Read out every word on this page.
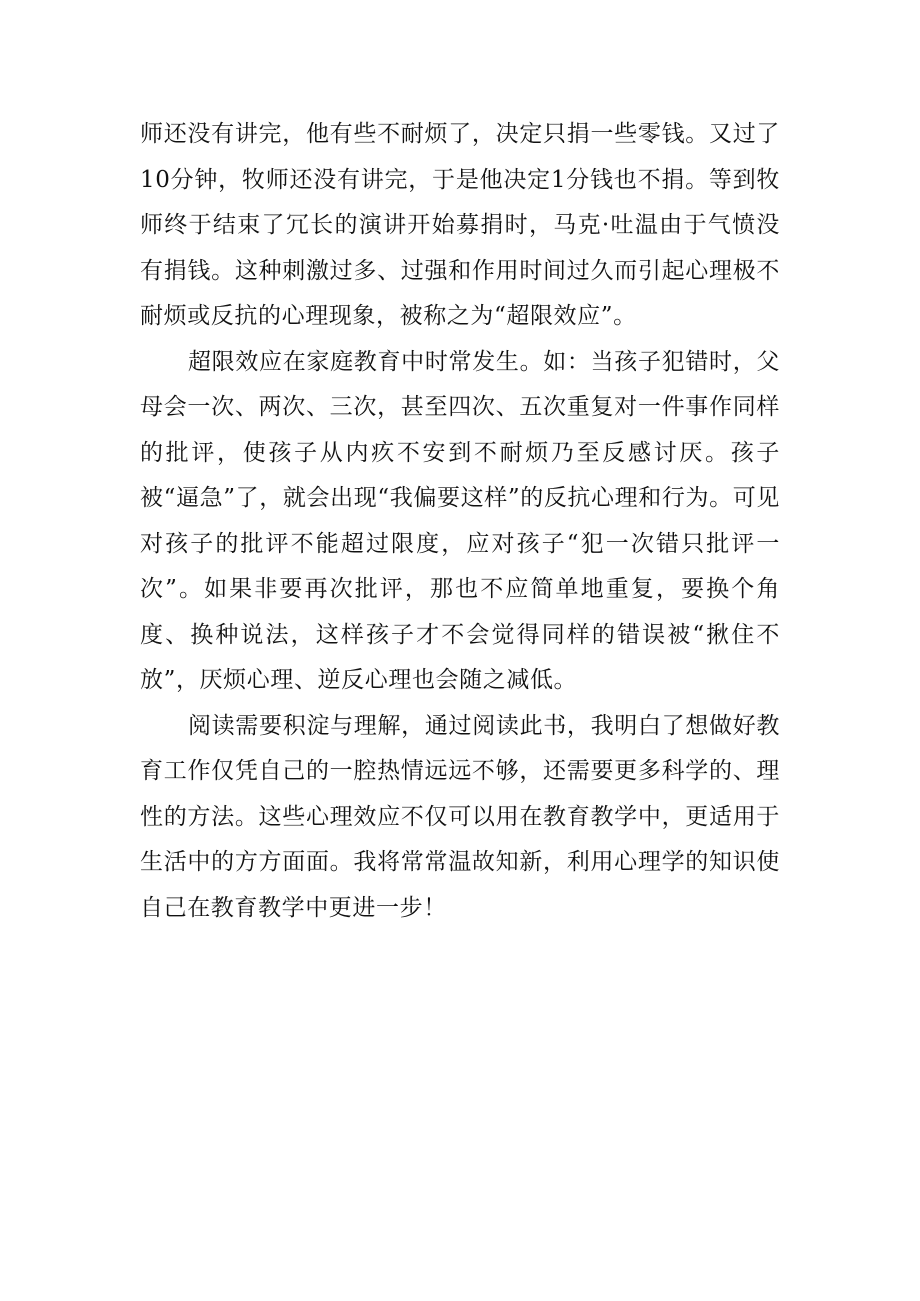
师还没有讲完，他有些不耐烦了，决定只捐一些零钱。又过了10分钟，牧师还没有讲完，于是他决定1分钱也不捐。等到牧师终于结束了冗长的演讲开始募捐时，马克·吐温由于气愤没有捐钱。这种刺激过多、过强和作用时间过久而引起心理极不耐烦或反抗的心理现象，被称之为“超限效应”。

超限效应在家庭教育中时常发生。如：当孩子犯错时，父母会一次、两次、三次，甚至四次、五次重复对一件事作同样的批评，使孩子从内疚不安到不耐烦乃至反感讨厌。孩子被“逼急”了，就会出现“我偏要这样”的反抗心理和行为。可见对孩子的批评不能超过限度，应对孩子“犯一次错只批评一次”。如果非要再次批评，那也不应简单地重复，要换个角度、换种说法，这样孩子才不会觉得同样的错误被“揪住不放”，厌烦心理、逆反心理也会随之减低。

阅读需要积淀与理解，通过阅读此书，我明白了想做好教育工作仅凭自己的一腔热情远远不够，还需要更多科学的、理性的方法。这些心理效应不仅可以用在教育教学中，更适用于生活中的方方面面。我将常常温故知新，利用心理学的知识使自己在教育教学中更进一步！
